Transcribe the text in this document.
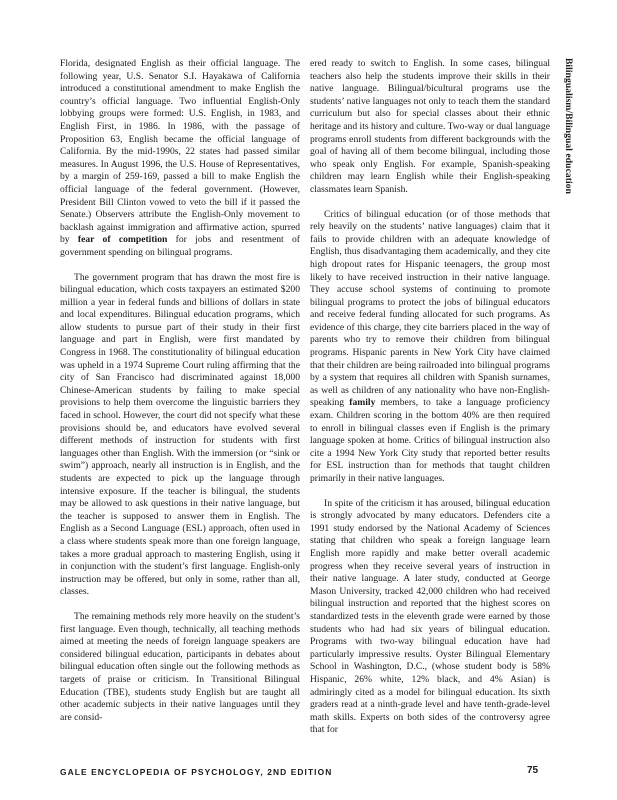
Bilingualism/Bilingual education

Florida, designated English as their official language. The following year, U.S. Senator S.I. Hayakawa of California introduced a constitutional amendment to make English the country’s official language. Two influential English-Only lobbying groups were formed: U.S. English, in 1983, and English First, in 1986. In 1986, with the passage of Proposition 63, English became the official language of California. By the mid-1990s, 22 states had passed similar measures. In August 1996, the U.S. House of Representatives, by a margin of 259-169, passed a bill to make English the official language of the federal government. (However, President Bill Clinton vowed to veto the bill if it passed the Senate.) Observers attribute the English-Only movement to backlash against immigration and affirmative action, spurred by fear of competition for jobs and resentment of government spending on bilingual programs.

The government program that has drawn the most fire is bilingual education, which costs taxpayers an estimated $200 million a year in federal funds and billions of dollars in state and local expenditures. Bilingual education programs, which allow students to pursue part of their study in their first language and part in English, were first mandated by Congress in 1968. The constitutionality of bilingual education was upheld in a 1974 Supreme Court ruling affirming that the city of San Francisco had discriminated against 18,000 Chinese-American students by failing to make special provisions to help them overcome the linguistic barriers they faced in school. However, the court did not specify what these provisions should be, and educators have evolved several different methods of instruction for students with first languages other than English. With the immersion (or “sink or swim”) approach, nearly all instruction is in English, and the students are expected to pick up the language through intensive exposure. If the teacher is bilingual, the students may be allowed to ask questions in their native language, but the teacher is supposed to answer them in English. The English as a Second Language (ESL) approach, often used in a class where students speak more than one foreign language, takes a more gradual approach to mastering English, using it in conjunction with the student’s first language. English-only instruction may be offered, but only in some, rather than all, classes.

The remaining methods rely more heavily on the student’s first language. Even though, technically, all teaching methods aimed at meeting the needs of foreign language speakers are considered bilingual education, participants in debates about bilingual education often single out the following methods as targets of praise or criticism. In Transitional Bilingual Education (TBE), students study English but are taught all other academic subjects in their native languages until they are consid-

ered ready to switch to English. In some cases, bilingual teachers also help the students improve their skills in their native language. Bilingual/bicultural programs use the students’ native languages not only to teach them the standard curriculum but also for special classes about their ethnic heritage and its history and culture. Two-way or dual language programs enroll students from different backgrounds with the goal of having all of them become bilingual, including those who speak only English. For example, Spanish-speaking children may learn English while their English-speaking classmates learn Spanish.

Critics of bilingual education (or of those methods that rely heavily on the students’ native languages) claim that it fails to provide children with an adequate knowledge of English, thus disadvantaging them academically, and they cite high dropout rates for Hispanic teenagers, the group most likely to have received instruction in their native language. They accuse school systems of continuing to promote bilingual programs to protect the jobs of bilingual educators and receive federal funding allocated for such programs. As evidence of this charge, they cite barriers placed in the way of parents who try to remove their children from bilingual programs. Hispanic parents in New York City have claimed that their children are being railroaded into bilingual programs by a system that requires all children with Spanish surnames, as well as children of any nationality who have non-English-speaking family members, to take a language proficiency exam. Children scoring in the bottom 40% are then required to enroll in bilingual classes even if English is the primary language spoken at home. Critics of bilingual instruction also cite a 1994 New York City study that reported better results for ESL instruction than for methods that taught children primarily in their native languages.

In spite of the criticism it has aroused, bilingual education is strongly advocated by many educators. Defenders cite a 1991 study endorsed by the National Academy of Sciences stating that children who speak a foreign language learn English more rapidly and make better overall academic progress when they receive several years of instruction in their native language. A later study, conducted at George Mason University, tracked 42,000 children who had received bilingual instruction and reported that the highest scores on standardized tests in the eleventh grade were earned by those students who had had six years of bilingual education. Programs with two-way bilingual education have had particularly impressive results. Oyster Bilingual Elementary School in Washington, D.C., (whose student body is 58% Hispanic, 26% white, 12% black, and 4% Asian) is admiringly cited as a model for bilingual education. Its sixth graders read at a ninth-grade level and have tenth-grade-level math skills. Experts on both sides of the controversy agree that for

GALE ENCYCLOPEDIA OF PSYCHOLOGY, 2ND EDITION	75
